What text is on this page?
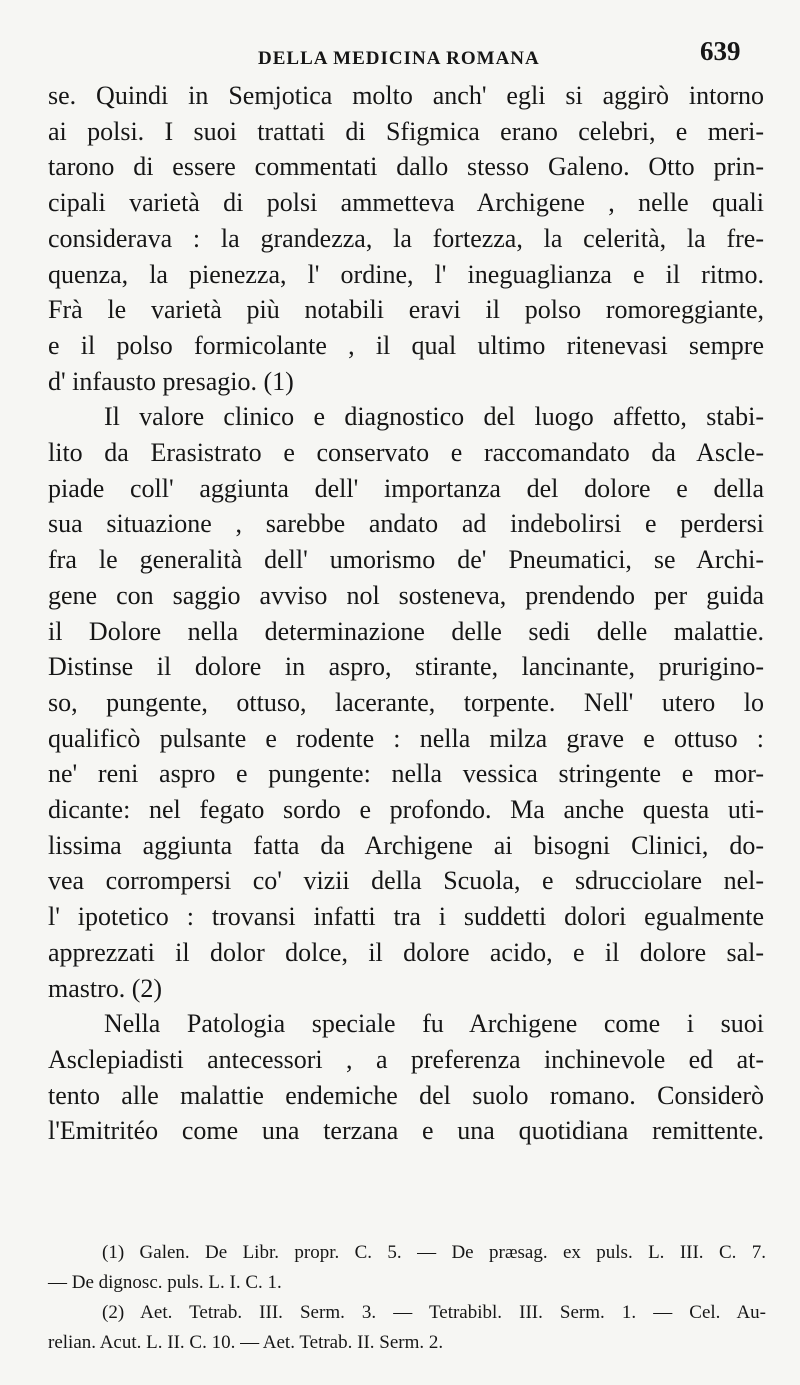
DELLA MEDICINA ROMANA	639

se. Quindi in Semjotica molto anch' egli si aggirò intorno

ai polsi. I suoi trattati di Sfigmica erano celebri, e meri-

tarono di essere commentati dallo stesso Galeno. Otto prin-

cipali varietà di polsi ammetteva Archigene , nelle quali

considerava : la grandezza, la fortezza, la celerità, la fre-

quenza, la pienezza, l' ordine, l' ineguaglianza e il ritmo.

Frà le varietà più notabili eravi il polso romoreggiante,

e il polso formicolante , il qual ultimo ritenevasi sempre

d' infausto presagio. (1)

Il valore clinico e diagnostico del luogo affetto, stabi-

lito da Erasistrato e conservato e raccomandato da Ascle-

piade coll' aggiunta dell' importanza del dolore e della

sua situazione , sarebbe andato ad indebolirsi e perdersi

fra le generalità dell' umorismo de' Pneumatici, se Archi-

gene con saggio avviso nol sosteneva, prendendo per guida

il Dolore nella determinazione delle sedi delle malattie.

Distinse il dolore in aspro, stirante, lancinante, prurigino-

so, pungente, ottuso, lacerante, torpente. Nell' utero lo

qualificò pulsante e rodente : nella milza grave e ottuso :

ne' reni aspro e pungente: nella vessica stringente e mor-

dicante: nel fegato sordo e profondo. Ma anche questa uti-

lissima aggiunta fatta da Archigene ai bisogni Clinici, do-

vea corrompersi co' vizii della Scuola, e sdrucciolare nel-

l' ipotetico : trovansi infatti tra i suddetti dolori egualmente

apprezzati il dolor dolce, il dolore acido, e il dolore sal-

mastro. (2)

Nella Patologia speciale fu Archigene come i suoi

Asclepiadisti antecessori , a preferenza inchinevole ed at-

tento alle malattie endemiche del suolo romano. Considerò

l'Emitritéo come una terzana e una quotidiana remittente.

(1) Galen. De Libr. propr. C. 5. — De præsag. ex puls. L. III. C. 7.

— De dignosc. puls. L. I. C. 1.

(2) Aet. Tetrab. III. Serm. 3. — Tetrabibl. III. Serm. 1. — Cel. Au-

relian. Acut. L. II. C. 10. — Aet. Tetrab. II. Serm. 2.
